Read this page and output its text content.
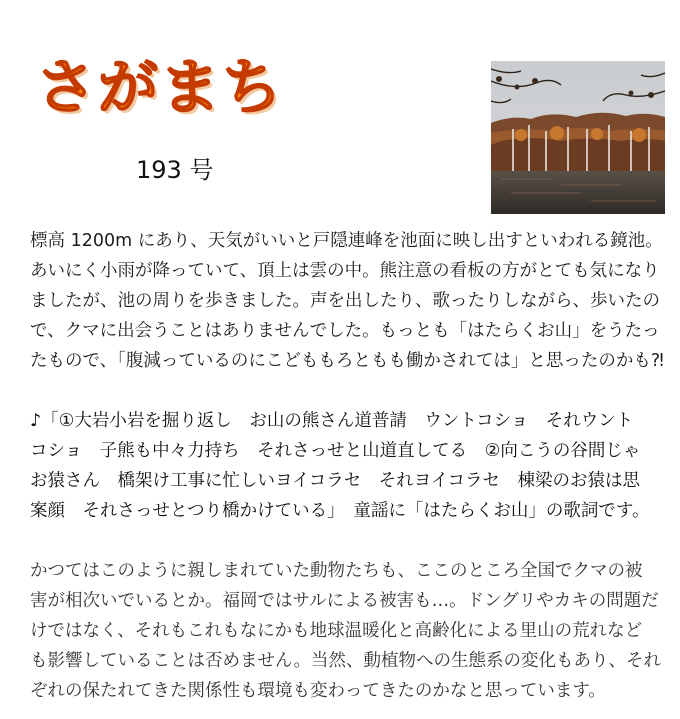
さがまち
193 号

標高 1200m にあり、天気がいいと戸隠連峰を池面に映し出すといわれる鏡池。
あいにく小雨が降っていて、頂上は雲の中。熊注意の看板の方がとても気になり
ましたが、池の周りを歩きました。声を出したり、歌ったりしながら、歩いたの
で、クマに出会うことはありませんでした。もっとも「はたらくお山」をうたっ
たもので、「腹減っているのにこどももろともも働かされては」と思ったのかも⁈

♪「①大岩小岩を掘り返し　お山の熊さん道普請　ウントコショ　それウント
コショ　子熊も中々力持ち　それさっせと山道直してる　②向こうの谷間じゃ
お猿さん　橋架け工事に忙しいヨイコラセ　それヨイコラセ　棟梁のお猿は思
案顔　それさっせとつり橋かけている」　童謡に「はたらくお山」の歌詞です。

かつてはこのように親しまれていた動物たちも、ここのところ全国でクマの被
害が相次いでいるとか。福岡ではサルによる被害も…。ドングリやカキの問題だ
けではなく、それもこれもなにかも地球温暖化と高齢化による里山の荒れなど
も影響していることは否めません。当然、動植物への生態系の変化もあり、それ
ぞれの保たれてきた関係性も環境も変わってきたのかなと思っています。
